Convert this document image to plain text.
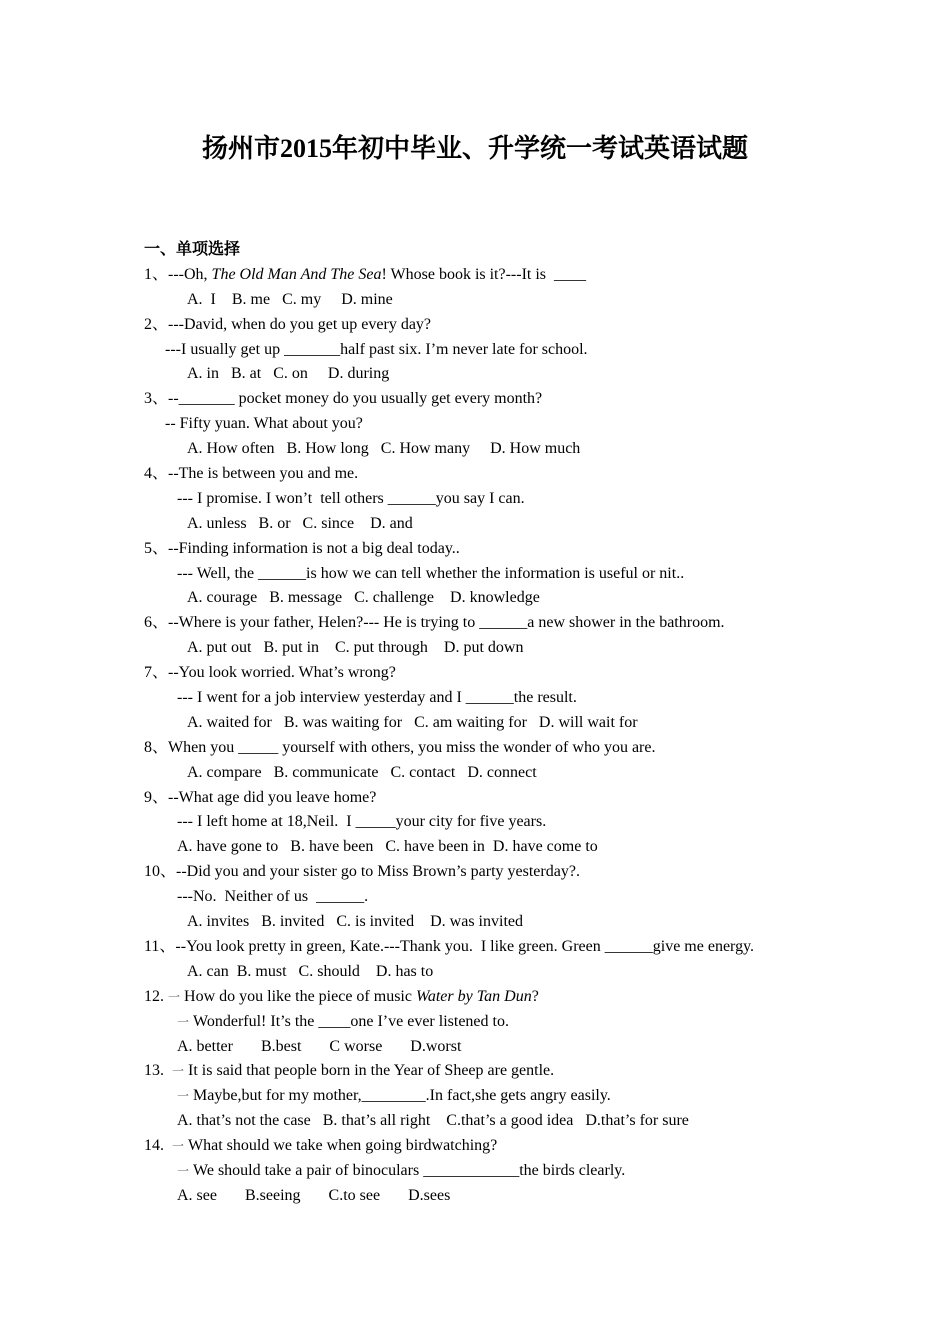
扬州市2015年初中毕业、升学统一考试英语试题
一、单项选择
1、---Oh, The Old Man And The Sea! Whose book is it?---It is  ____
A.  I    B. me   C. my     D. mine
2、---David, when do you get up every day?
---I usually get up _______half past six. I’m never late for school.
A. in   B. at   C. on     D. during
3、--_______ pocket money do you usually get every month?
-- Fifty yuan. What about you?
A. How often   B. How long   C. How many     D. How much
4、--The is between you and me.
--- I promise. I won’t  tell others ______you say I can.
A. unless   B. or   C. since    D. and
5、--Finding information is not a big deal today..
--- Well, the ______is how we can tell whether the information is useful or nit..
A. courage   B. message   C. challenge    D. knowledge
6、--Where is your father, Helen?--- He is trying to ______a new shower in the bathroom.
A. put out   B. put in    C. put through    D. put down
7、--You look worried. What’s wrong?
--- I went for a job interview yesterday and I ______the result.
A. waited for   B. was waiting for   C. am waiting for   D. will wait for
8、When you _____ yourself with others, you miss the wonder of who you are.
A. compare   B. communicate   C. contact   D. connect
9、--What age did you leave home?
--- I left home at 18,Neil.  I _____your city for five years.
A. have gone to   B. have been   C. have been in  D. have come to
10、--Did you and your sister go to Miss Brown’s party yesterday?.
---No.  Neither of us  ______.
A. invites   B. invited   C. is invited    D. was invited
11、--You look pretty in green, Kate.---Thank you.  I like green. Green ______give me energy.
A. can  B. must   C. should    D. has to
12. 一 How do you like the piece of music Water by Tan Dun?
一 Wonderful! It’s the ____one I’ve ever listened to.
A. better       B.best       C worse       D.worst
13.  一 It is said that people born in the Year of Sheep are gentle.
一 Maybe,but for my mother,________.In fact,she gets angry easily.
A. that’s not the case   B. that’s all right    C.that’s a good idea   D.that’s for sure
14.  一 What should we take when going birdwatching?
一 We should take a pair of binoculars ____________the birds clearly.
A. see       B.seeing       C.to see       D.sees
